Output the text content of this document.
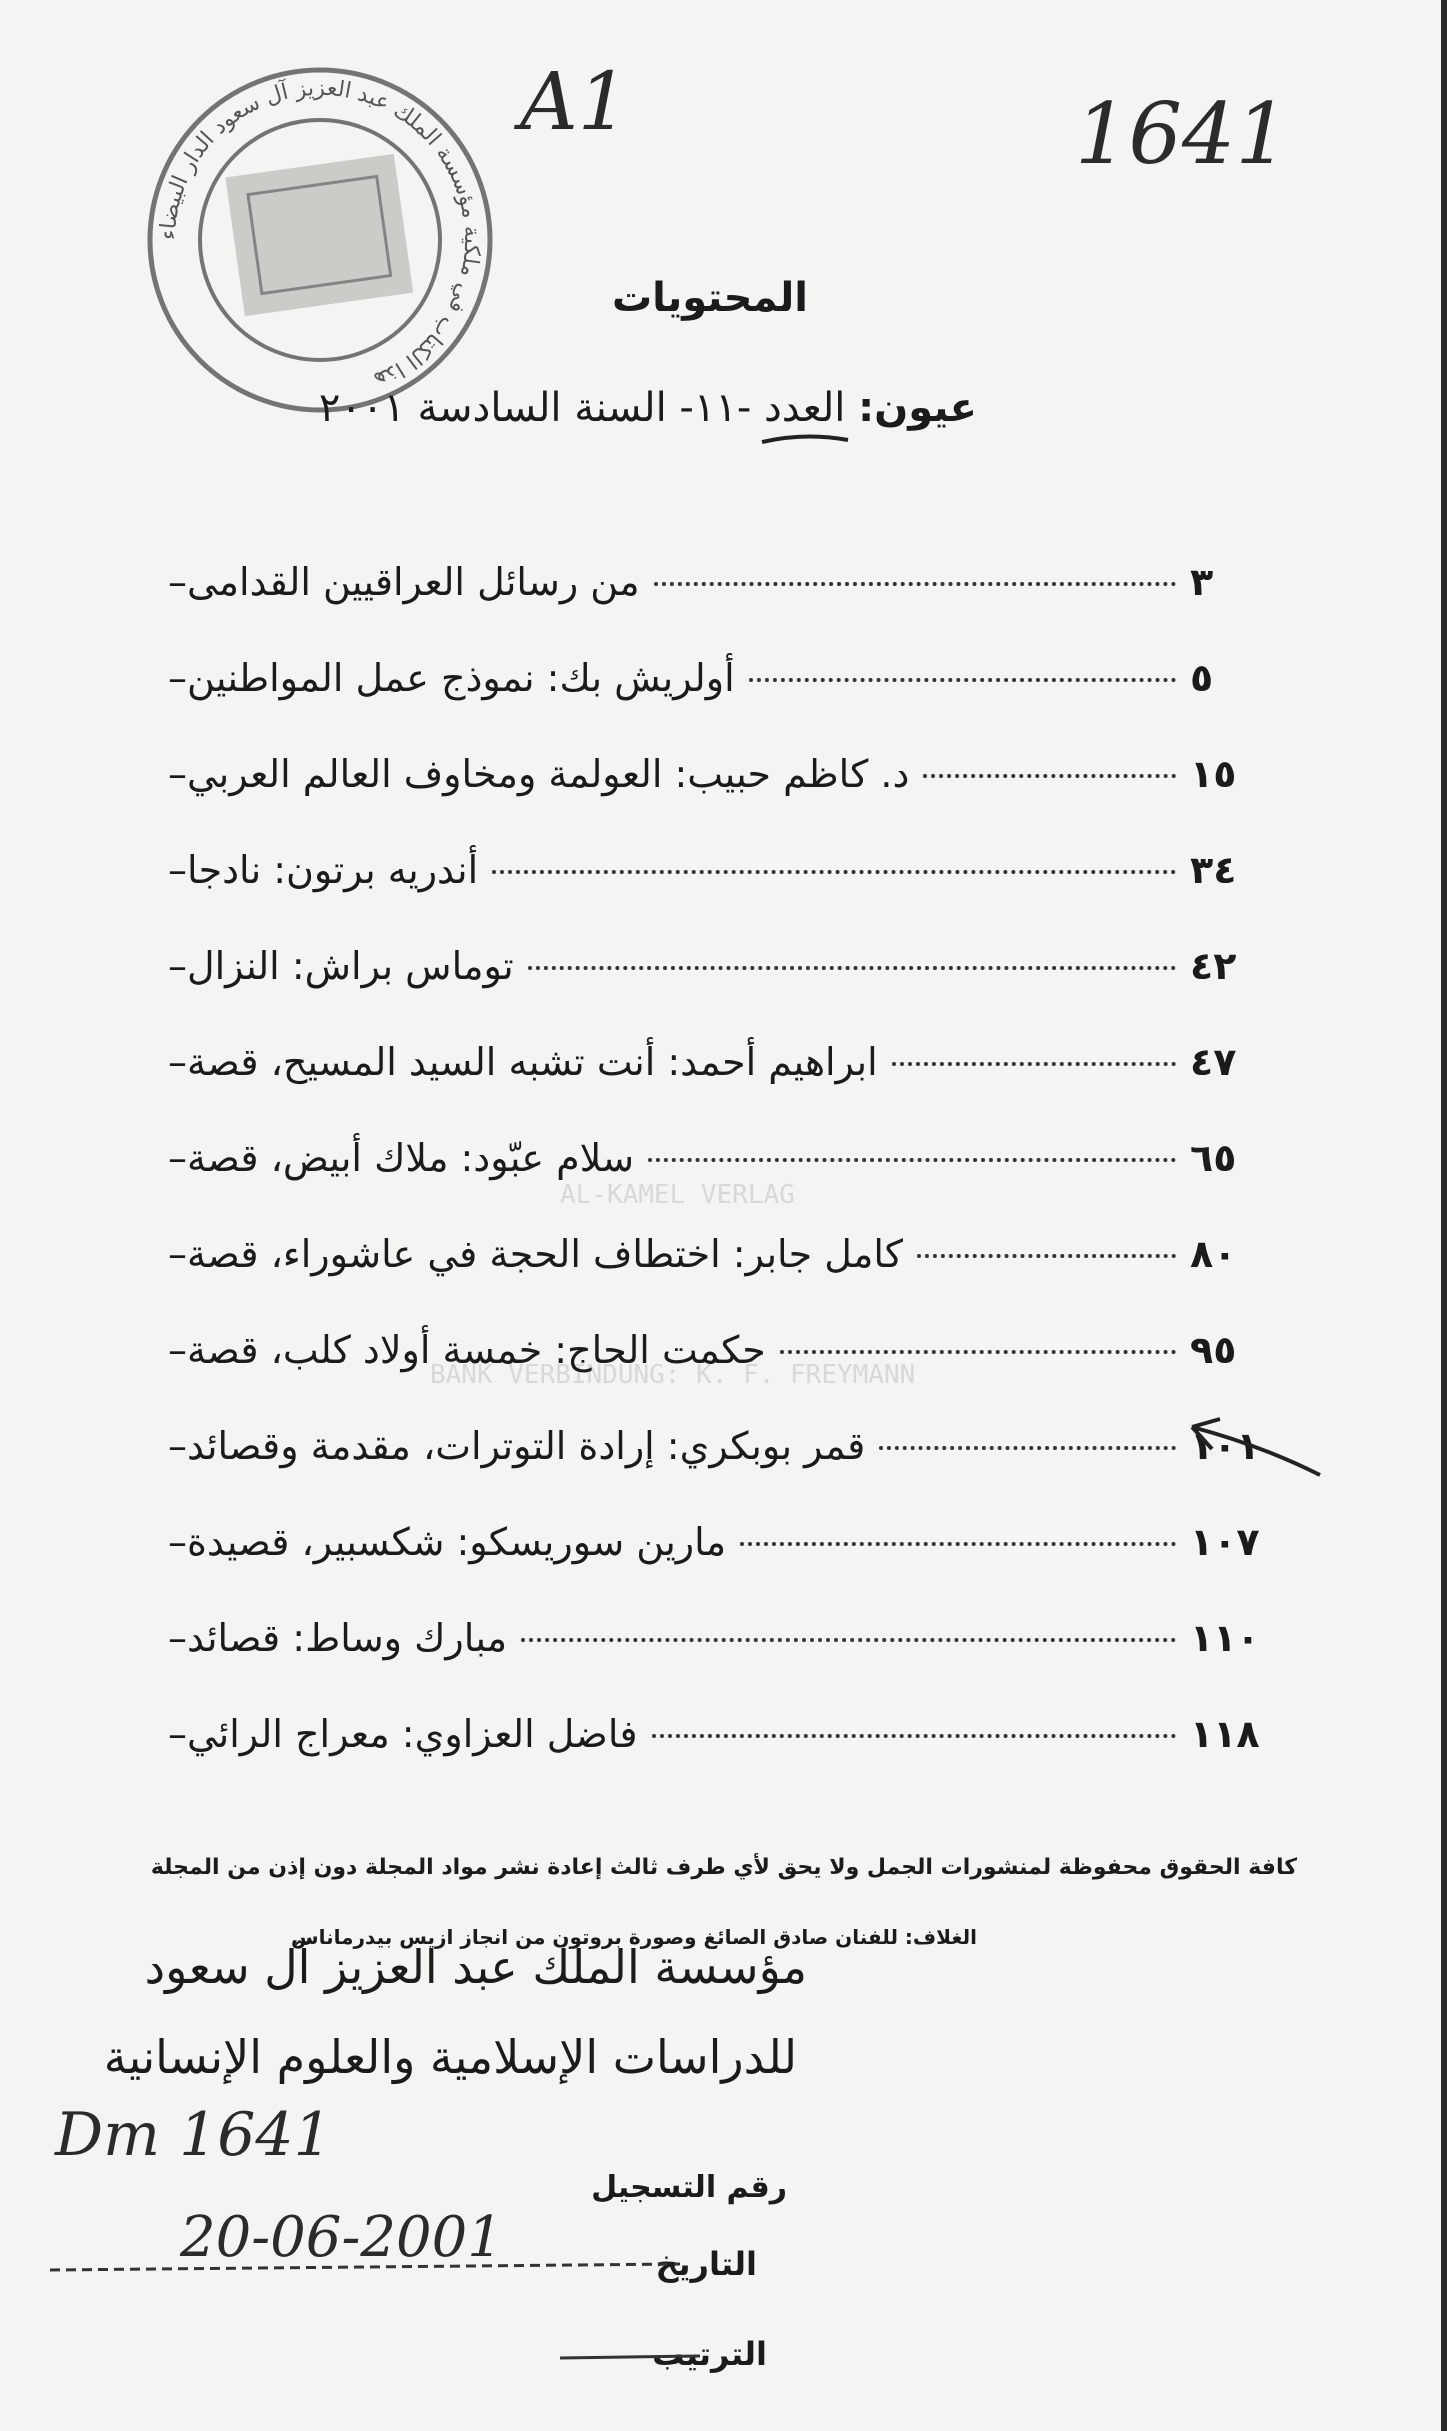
AL-KAMEL VERLAG
BANK VERBINDUNG: K. F. FREYMANN
A1	1641
هذا الكتاب في ملكية مؤسسة الملك عبد العزيز آل سعود الدار البيضاء
المحتويات
عيون: العدد -١١- السنة السادسة ٢٠٠١
– من رسائل العراقيين القدامى	٣
– أولريش بك: نموذج عمل المواطنين	٥
– د. كاظم حبيب: العولمة ومخاوف العالم العربي	١٥
– أندريه برتون: نادجا	٣٤
– توماس براش: النزال	٤٢
– ابراهيم أحمد: أنت تشبه السيد المسيح، قصة	٤٧
– سلام عبّود: ملاك أبيض، قصة	٦٥
– كامل جابر: اختطاف الحجة في عاشوراء، قصة	٨٠
– حكمت الحاج: خمسة أولاد كلب، قصة	٩٥
– قمر بوبكري: إرادة التوترات، مقدمة وقصائد	١٠١
– مارين سوريسكو: شكسبير، قصيدة	١٠٧
– مبارك وساط: قصائد	١١٠
– فاضل العزاوي: معراج الرائي	١١٨
كافة الحقوق محفوظة لمنشورات الجمل ولا يحق لأي طرف ثالث إعادة نشر مواد المجلة دون إذن من المجلة
الغلاف: للفنان صادق الصائغ وصورة بروتون من انجاز ازيس بيدرماناس
مؤسسة الملك عبد العزيز آل سعود
للدراسات الإسلامية والعلوم الإنسانية
Dm 1641
رقم التسجيل
20-06-2001	التاريخ
الترتيب
